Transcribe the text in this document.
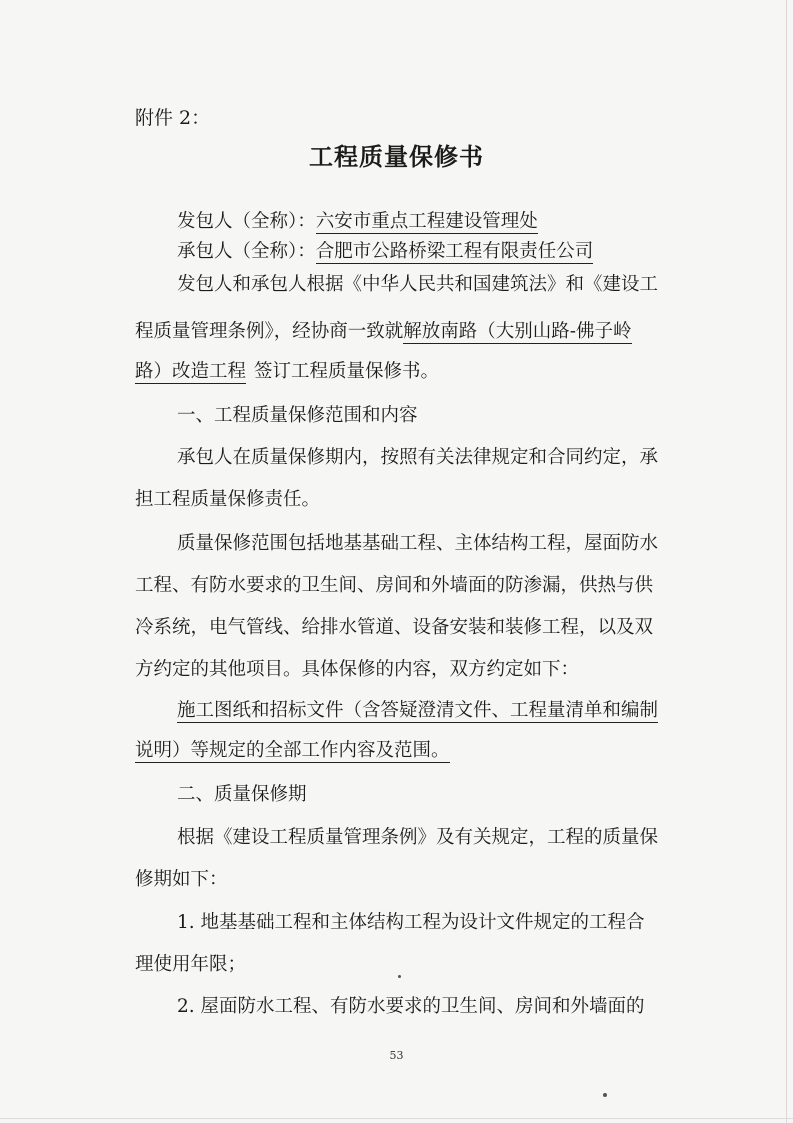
附件 2：
工程质量保修书
发包人（全称）：六安市重点工程建设管理处
承包人（全称）：合肥市公路桥梁工程有限责任公司
发包人和承包人根据《中华人民共和国建筑法》和《建设工
程质量管理条例》，经协商一致就解放南路（大别山路-佛子岭
路）改造工程 签订工程质量保修书。
一、工程质量保修范围和内容
承包人在质量保修期内，按照有关法律规定和合同约定，承
担工程质量保修责任。
质量保修范围包括地基基础工程、主体结构工程，屋面防水
工程、有防水要求的卫生间、房间和外墙面的防渗漏，供热与供
冷系统，电气管线、给排水管道、设备安装和装修工程，以及双
方约定的其他项目。具体保修的内容，双方约定如下：
施工图纸和招标文件（含答疑澄清文件、工程量清单和编制
说明）等规定的全部工作内容及范围。
二、质量保修期
根据《建设工程质量管理条例》及有关规定，工程的质量保
修期如下：
1. 地基基础工程和主体结构工程为设计文件规定的工程合
理使用年限；
2. 屋面防水工程、有防水要求的卫生间、房间和外墙面的
53
